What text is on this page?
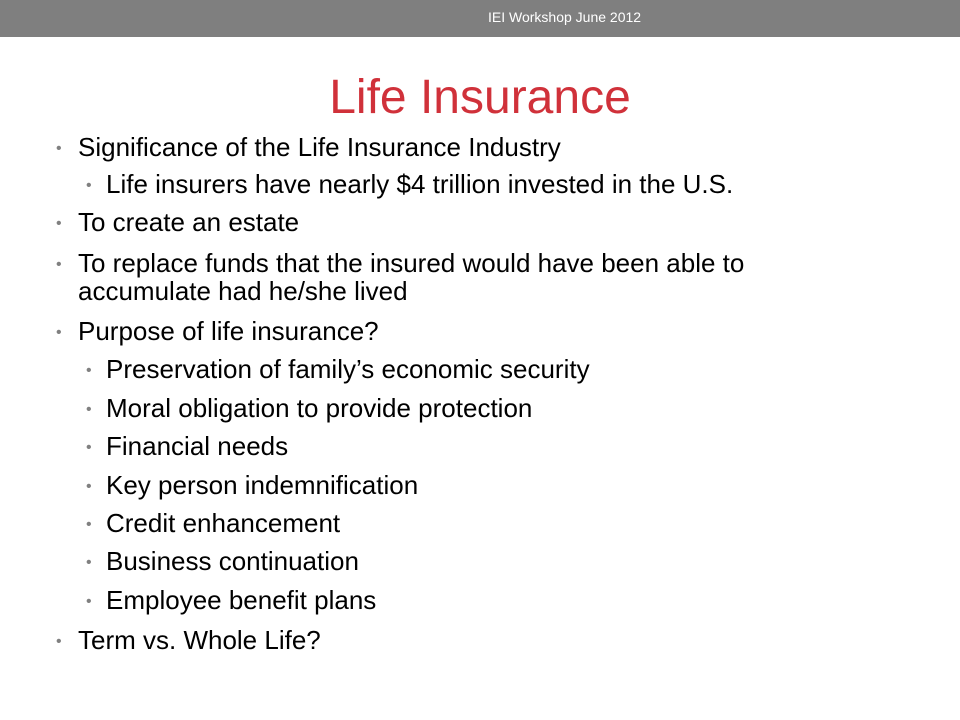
IEI Workshop June 2012
Life Insurance
• Significance of the Life Insurance Industry
• Life insurers have nearly $4 trillion invested in the U.S.
• To create an estate
• To replace funds that the insured would have been able to
accumulate had he/she lived
• Purpose of life insurance?
• Preservation of family’s economic security
• Moral obligation to provide protection
• Financial needs
• Key person indemnification
• Credit enhancement
• Business continuation
• Employee benefit plans
• Term vs. Whole Life?
